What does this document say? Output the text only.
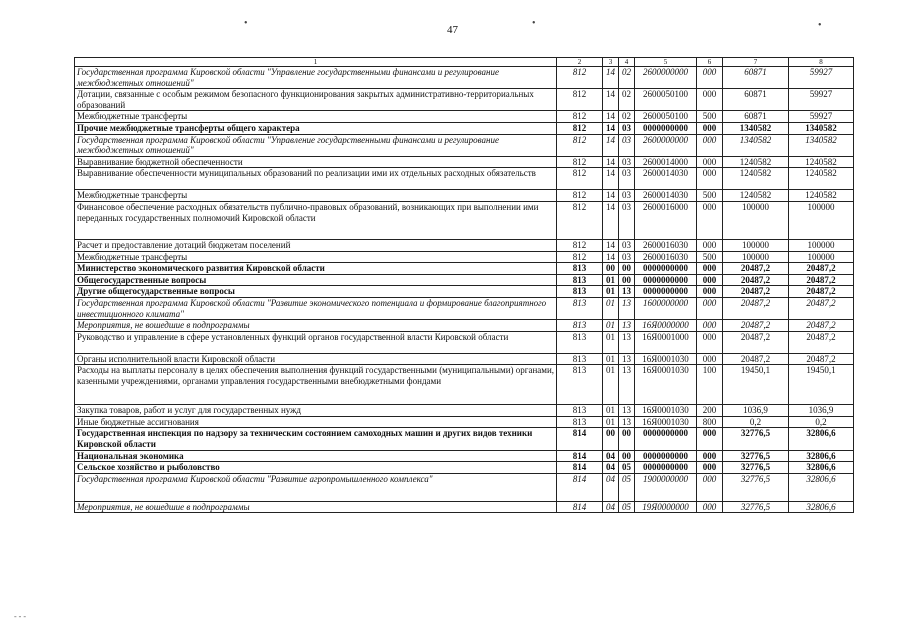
47
•	•	•
- - -
1	2	3	4	5	6	7	8
Государственная программа Кировской области "Управление государственными финансами и регулирование межбюджетных отношений"	812	14	02	2600000000	000	60871	59927
Дотации, связанные с особым режимом безопасного функционирования закрытых административно-территориальных образований	812	14	02	2600050100	000	60871	59927
Межбюджетные трансферты	812	14	02	2600050100	500	60871	59927
Прочие межбюджетные трансферты общего характера	812	14	03	0000000000	000	1340582	1340582
Государственная программа Кировской области "Управление государственными финансами и регулирование межбюджетных отношений"	812	14	03	2600000000	000	1340582	1340582
Выравнивание бюджетной обеспеченности	812	14	03	2600014000	000	1240582	1240582
Выравнивание обеспеченности муниципальных образований по реализации ими их отдельных расходных обязательств	812	14	03	2600014030	000	1240582	1240582
Межбюджетные трансферты	812	14	03	2600014030	500	1240582	1240582
Финансовое обеспечение расходных обязательств публично-правовых образований, возникающих при выполнении ими переданных государственных полномочий Кировской области	812	14	03	2600016000	000	100000	100000
Расчет и предоставление дотаций бюджетам поселений	812	14	03	2600016030	000	100000	100000
Межбюджетные трансферты	812	14	03	2600016030	500	100000	100000
Министерство экономического развития Кировской области	813	00	00	0000000000	000	20487,2	20487,2
Общегосударственные вопросы	813	01	00	0000000000	000	20487,2	20487,2
Другие общегосударственные вопросы	813	01	13	0000000000	000	20487,2	20487,2
Государственная программа Кировской области "Развитие экономического потенциала и формирование благоприятного инвестиционного климата"	813	01	13	1600000000	000	20487,2	20487,2
Мероприятия, не вошедшие в подпрограммы	813	01	13	16Я0000000	000	20487,2	20487,2
Руководство и управление в сфере установленных функций органов государственной власти Кировской области	813	01	13	16Я0001000	000	20487,2	20487,2
Органы исполнительной власти Кировской области	813	01	13	16Я0001030	000	20487,2	20487,2
Расходы на выплаты персоналу в целях обеспечения выполнения функций государственными (муниципальными) органами, казенными учреждениями, органами управления государственными внебюджетными фондами	813	01	13	16Я0001030	100	19450,1	19450,1
Закупка товаров, работ и услуг для государственных нужд	813	01	13	16Я0001030	200	1036,9	1036,9
Иные бюджетные ассигнования	813	01	13	16Я0001030	800	0,2	0,2
Государственная инспекция по надзору за техническим состоянием самоходных машин и других видов техники Кировской области	814	00	00	0000000000	000	32776,5	32806,6
Национальная экономика	814	04	00	0000000000	000	32776,5	32806,6
Сельское хозяйство и рыболовство	814	04	05	0000000000	000	32776,5	32806,6
Государственная программа Кировской области "Развитие агропромышленного комплекса"	814	04	05	1900000000	000	32776,5	32806,6
Мероприятия, не вошедшие в подпрограммы	814	04	05	19Я0000000	000	32776,5	32806,6
